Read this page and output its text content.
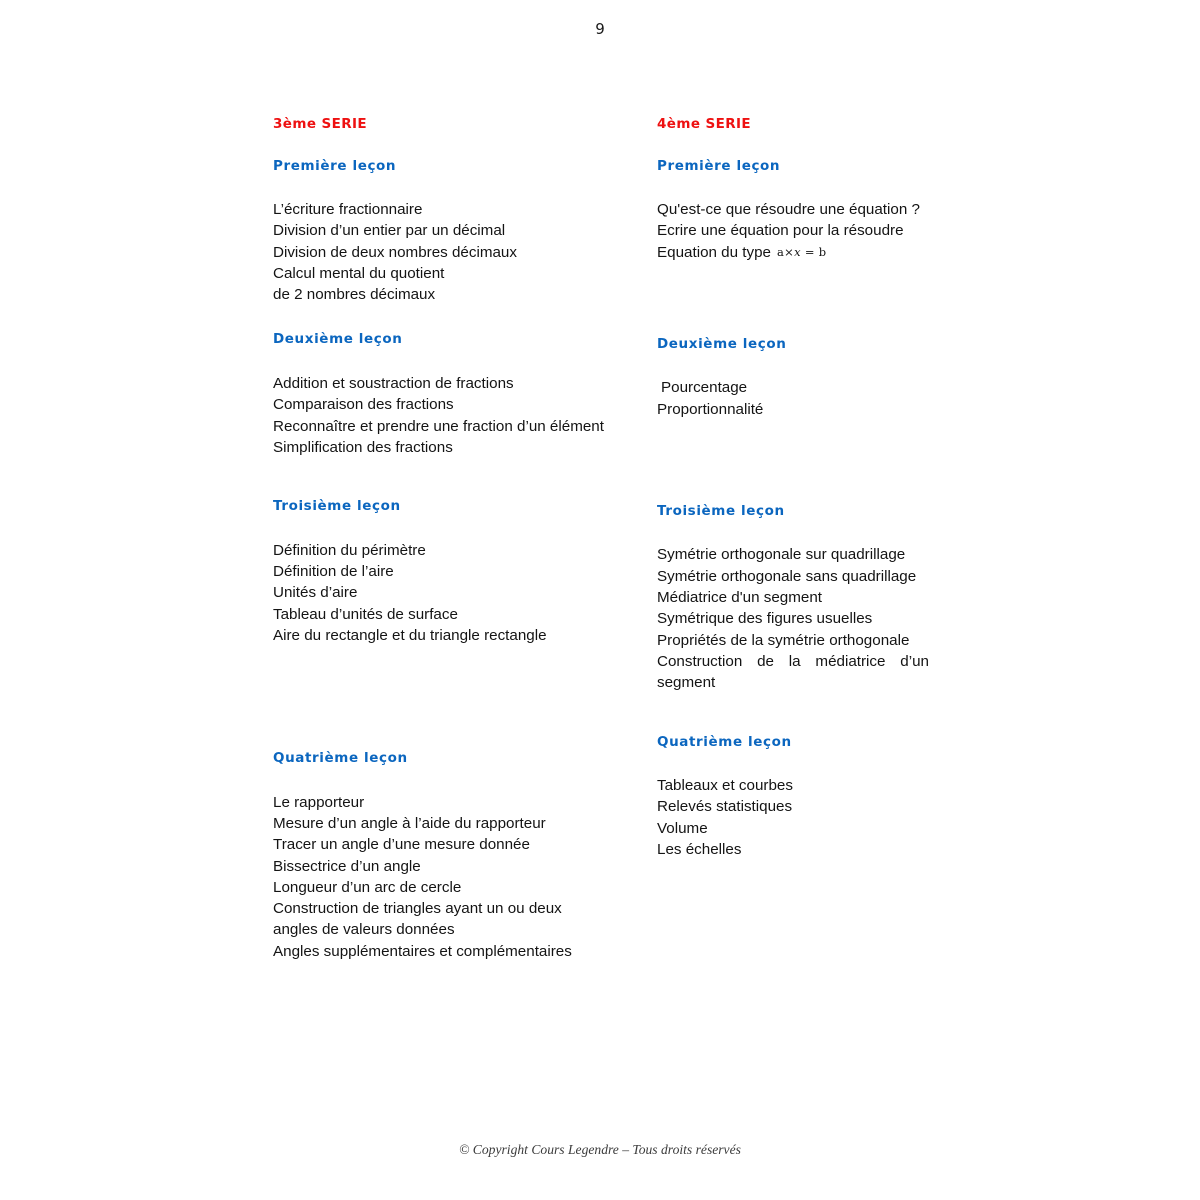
9
3ème SERIE
Première leçon
L’écriture fractionnaire
Division d’un entier par un décimal
Division de deux nombres décimaux
Calcul mental du quotient
de 2 nombres décimaux
Deuxième leçon
Addition et soustraction de fractions
Comparaison des fractions
Reconnaître et prendre une fraction d’un élément
Simplification des fractions
Troisième leçon
Définition du périmètre
Définition de l’aire
Unités d’aire
Tableau d’unités de surface
Aire du rectangle et du triangle rectangle
Quatrième leçon
Le rapporteur
Mesure d’un angle à l’aide du rapporteur
Tracer un angle d’une mesure donnée
Bissectrice d’un angle
Longueur d’un arc de cercle
Construction de triangles ayant un ou deux
angles de valeurs données
Angles supplémentaires et complémentaires
4ème SERIE
Première leçon
Qu'est-ce que résoudre une équation ?
Ecrire une équation pour la résoudre
Equation du type a×x = b
Deuxième leçon
Pourcentage
Proportionnalité
Troisième leçon
Symétrie orthogonale sur quadrillage
Symétrie orthogonale sans quadrillage
Médiatrice d'un segment
Symétrique des figures usuelles
Propriétés de la symétrie orthogonale
Construction de la médiatrice d’un segment
Quatrième leçon
Tableaux et courbes
Relevés statistiques
Volume
Les échelles
© Copyright Cours Legendre – Tous droits réservés
